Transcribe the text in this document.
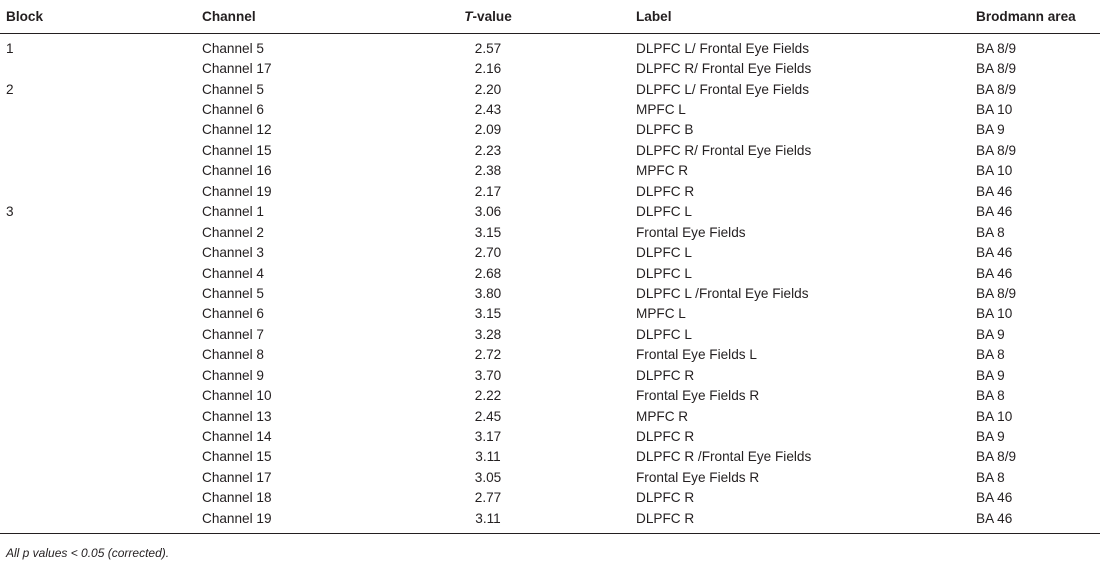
Block	Channel	T-value	Label	Brodmann area
1	Channel 5	2.57	DLPFC L/ Frontal Eye Fields	BA 8/9
	Channel 17	2.16	DLPFC R/ Frontal Eye Fields	BA 8/9
2	Channel 5	2.20	DLPFC L/ Frontal Eye Fields	BA 8/9
	Channel 6	2.43	MPFC L	BA 10
	Channel 12	2.09	DLPFC B	BA 9
	Channel 15	2.23	DLPFC R/ Frontal Eye Fields	BA 8/9
	Channel 16	2.38	MPFC R	BA 10
	Channel 19	2.17	DLPFC R	BA 46
3	Channel 1	3.06	DLPFC L	BA 46
	Channel 2	3.15	Frontal Eye Fields	BA 8
	Channel 3	2.70	DLPFC L	BA 46
	Channel 4	2.68	DLPFC L	BA 46
	Channel 5	3.80	DLPFC L /Frontal Eye Fields	BA 8/9
	Channel 6	3.15	MPFC L	BA 10
	Channel 7	3.28	DLPFC L	BA 9
	Channel 8	2.72	Frontal Eye Fields L	BA 8
	Channel 9	3.70	DLPFC R	BA 9
	Channel 10	2.22	Frontal Eye Fields R	BA 8
	Channel 13	2.45	MPFC R	BA 10
	Channel 14	3.17	DLPFC R	BA 9
	Channel 15	3.11	DLPFC R /Frontal Eye Fields	BA 8/9
	Channel 17	3.05	Frontal Eye Fields R	BA 8
	Channel 18	2.77	DLPFC R	BA 46
	Channel 19	3.11	DLPFC R	BA 46
All p values < 0.05 (corrected).
